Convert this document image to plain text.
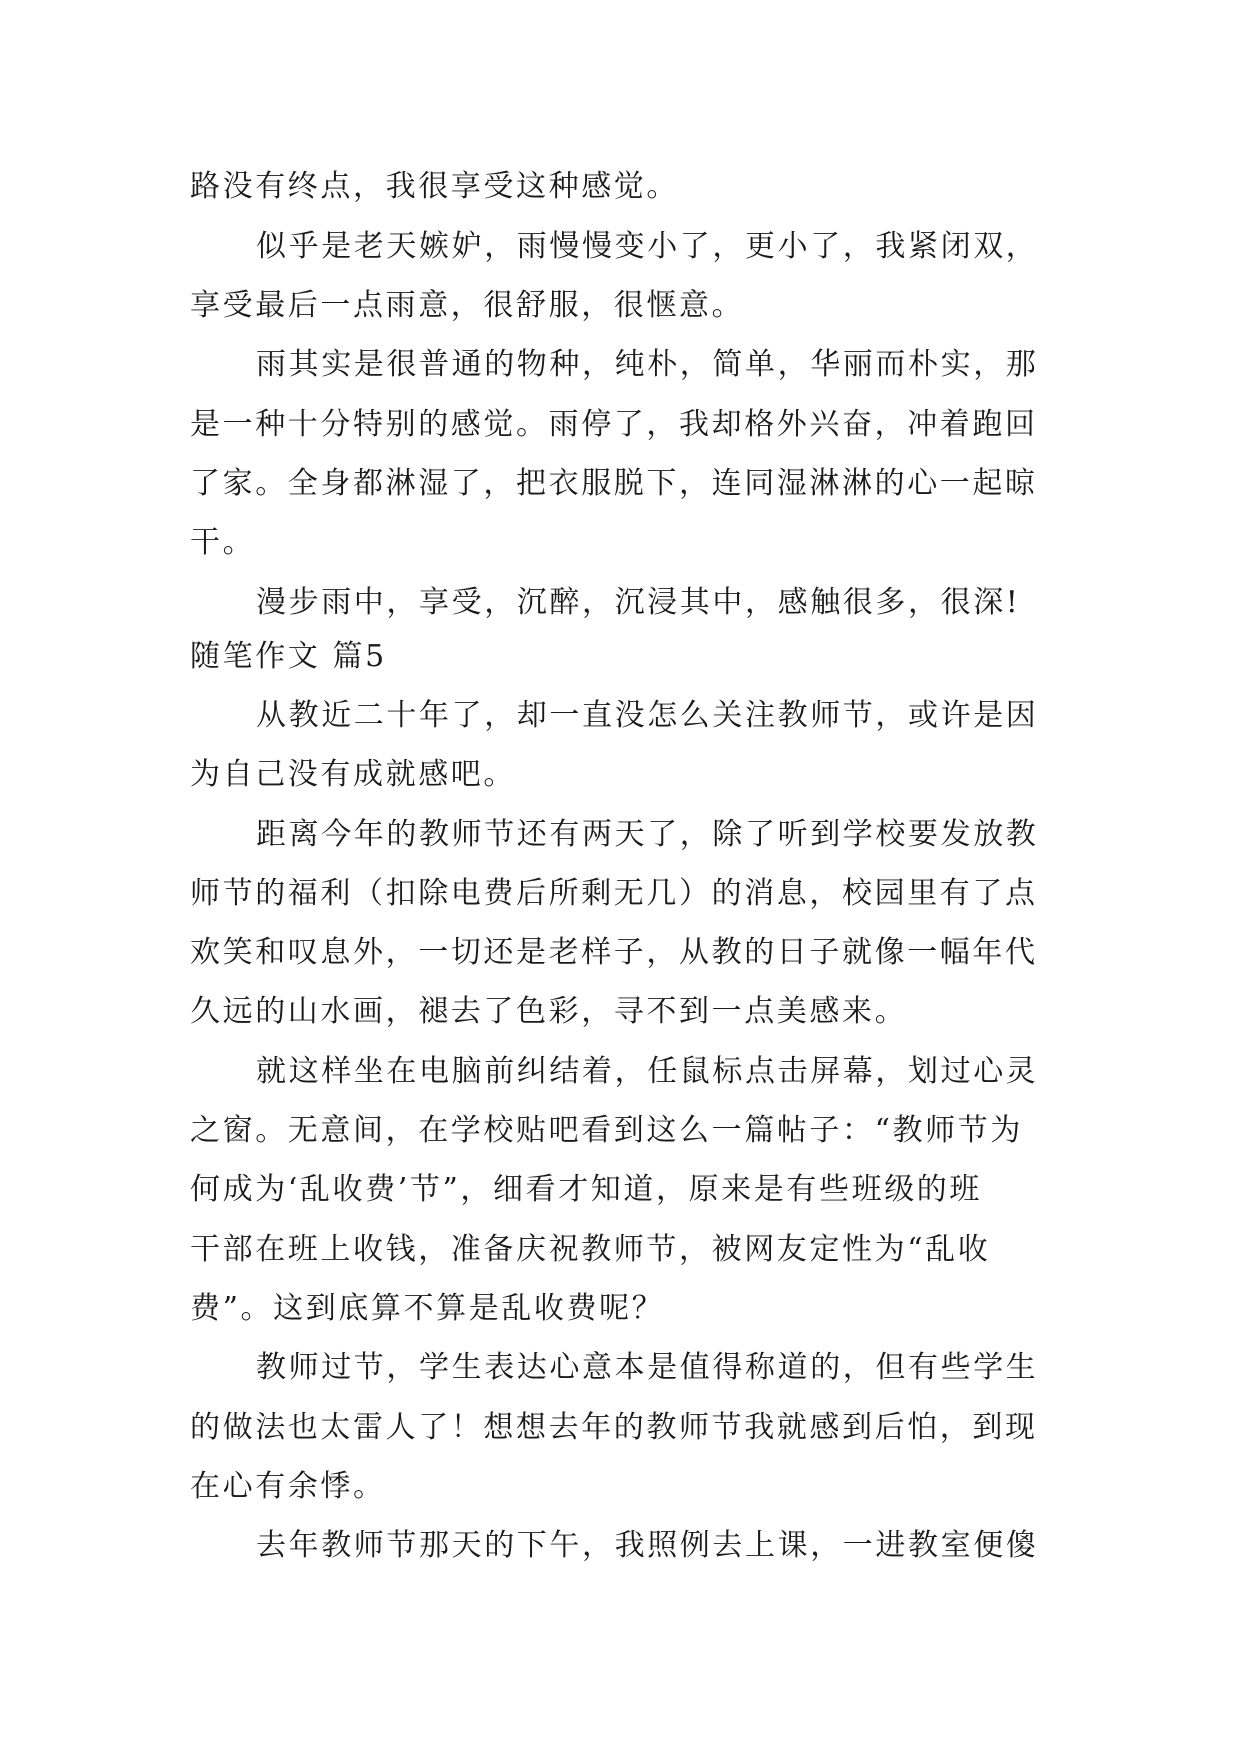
路没有终点，我很享受这种感觉。
似乎是老天嫉妒，雨慢慢变小了，更小了，我紧闭双，
享受最后一点雨意，很舒服，很惬意。
雨其实是很普通的物种，纯朴，简单，华丽而朴实，那
是一种十分特别的感觉。雨停了，我却格外兴奋，冲着跑回
了家。全身都淋湿了，把衣服脱下，连同湿淋淋的心一起晾
干。
漫步雨中，享受，沉醉，沉浸其中，感触很多，很深!
随笔作文 篇5
从教近二十年了，却一直没怎么关注教师节，或许是因
为自己没有成就感吧。
距离今年的教师节还有两天了，除了听到学校要发放教
师节的福利（扣除电费后所剩无几）的消息，校园里有了点
欢笑和叹息外，一切还是老样子，从教的日子就像一幅年代
久远的山水画，褪去了色彩，寻不到一点美感来。
就这样坐在电脑前纠结着，任鼠标点击屏幕，划过心灵
之窗。无意间，在学校贴吧看到这么一篇帖子：“教师节为
何成为‘乱收费’节”，细看才知道，原来是有些班级的班
干部在班上收钱，准备庆祝教师节，被网友定性为“乱收
费”。这到底算不算是乱收费呢？
教师过节，学生表达心意本是值得称道的，但有些学生
的做法也太雷人了！想想去年的教师节我就感到后怕，到现
在心有余悸。
去年教师节那天的下午，我照例去上课，一进教室便傻
